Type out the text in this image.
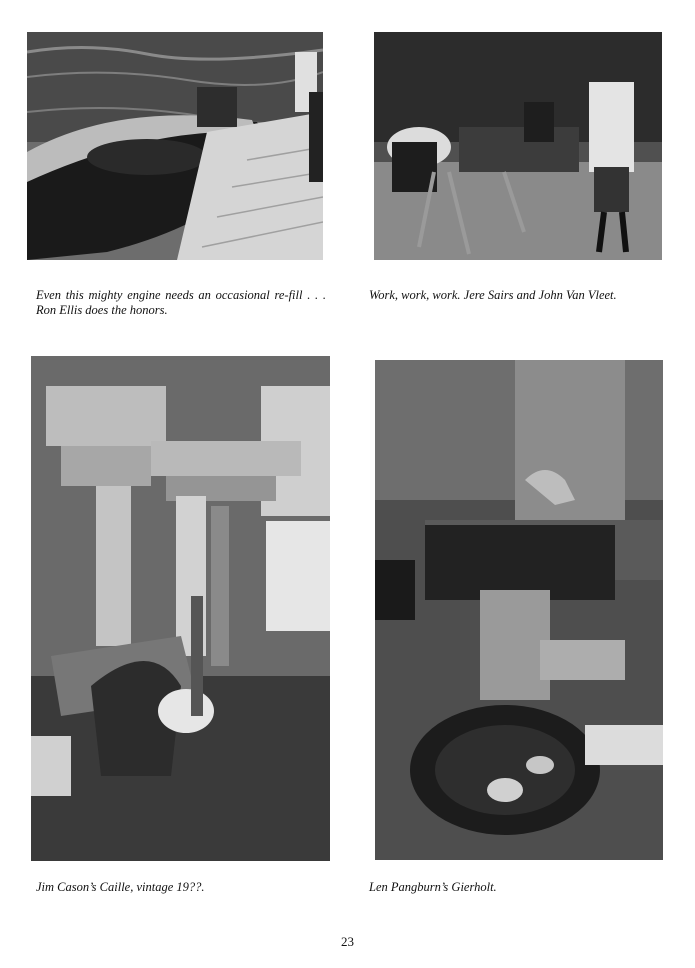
Even this mighty engine needs an occasional re-fill . . . Ron Ellis does the honors.

Work, work, work. Jere Sairs and John Van Vleet.

Jim Cason’s Caille, vintage 19??.	Len Pangburn’s Gierholt.

23
